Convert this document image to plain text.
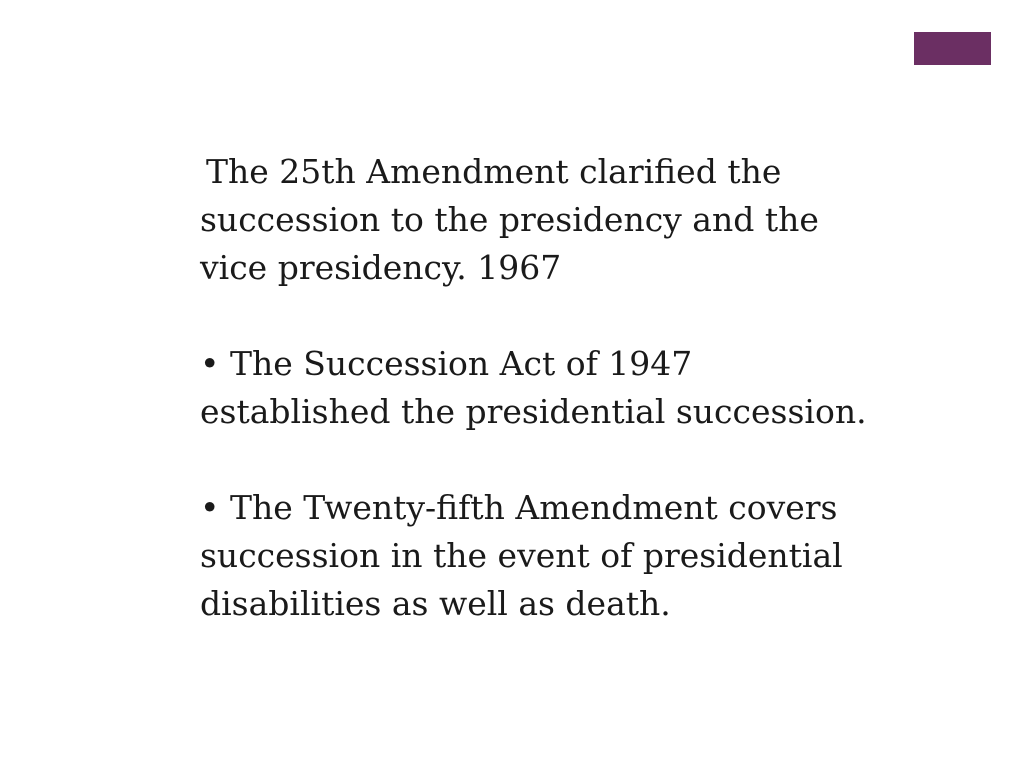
The 25th Amendment clarified the succession to the presidency and the vice presidency. 1967

• The Succession Act of 1947 established the presidential succession.

• The Twenty-fifth Amendment covers succession in the event of presidential disabilities as well as death.
